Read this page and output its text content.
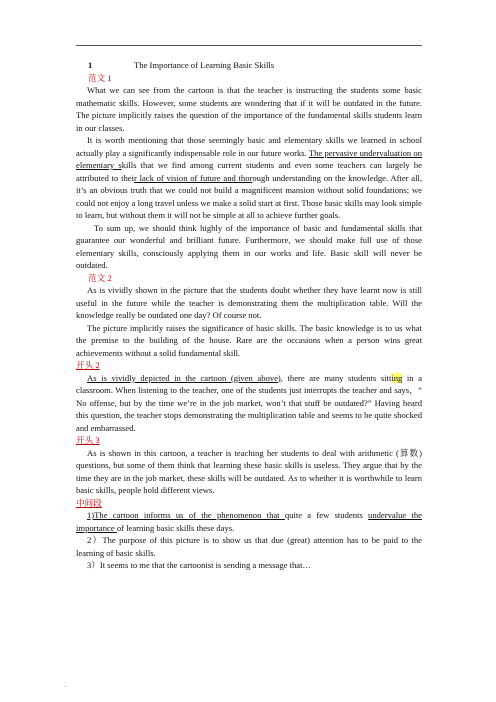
.

1	The Importance of Learning Basic Skills

范文 1

What we can see from the cartoon is that the teacher is instructing the students some basic mathematic skills. However, some students are wondering that if it will be outdated in the future. The picture implicitly raises the question of the importance of the fundamental skills students learn in our classes.

It is worth mentioning that those seemingly basic and elementary skills we learned in school actually play a significantly indispensable role in our future works. The pervasive undervaluation on elementary skills that we find among current students and even some teachers can largely be attributed to their lack of vision of future and thorough understanding on the knowledge. After all, it’s an obvious truth that we could not build a magnificent mansion without solid foundations; we could not enjoy a long travel unless we make a solid start at first. Those basic skills may look simple to learn, but without them it will not be simple at all to achieve further goals.

To sum up, we should think highly of the importance of basic and fundamental skills that guarantee our wonderful and brilliant future. Furthermore, we should make full use of those elementary skills, consciously applying them in our works and life. Basic skill will never be outdated.

范文 2

As is vividly shown in the picture that the students doubt whether they have learnt now is still useful in the future while the teacher is demonstrating them the multiplication table. Will the knowledge really be outdated one day? Of course not.

The picture implicitly raises the significance of basic skills. The basic knowledge is to us what the premise to the building of the house. Rare are the occasions when a person wins great achievements without a solid fundamental skill.

开头 2

As is vividly depicted in the cartoon (given above), there are many students sitting in a classroom. When listening to the teacher, one of the students just interrupts the teacher and says，“ No offense, but by the time we’re in the job market, won’t that stuff be outdated?” Having heard this question, the teacher stops demonstrating the multiplication table and seems to be quite shocked and embarrassed.

开头 3

As is shown in this cartoon, a teacher is teaching her students to deal with arithmetic (算数) questions, but some of them think that learning these basic skills is useless. They argue that by the time they are in the job market, these skills will be outdated. As to whether it is worthwhile to learn basic skills, people hold different views.

中间段

1)The cartoon informs us of the phenomenon that quite a few students undervalue the importance of learning basic skills these days.

2）The purpose of this picture is to show us that due (great) attention has to be paid to the learning of basic skills.

3）It seems to me that the cartoonist is sending a message that…

..
